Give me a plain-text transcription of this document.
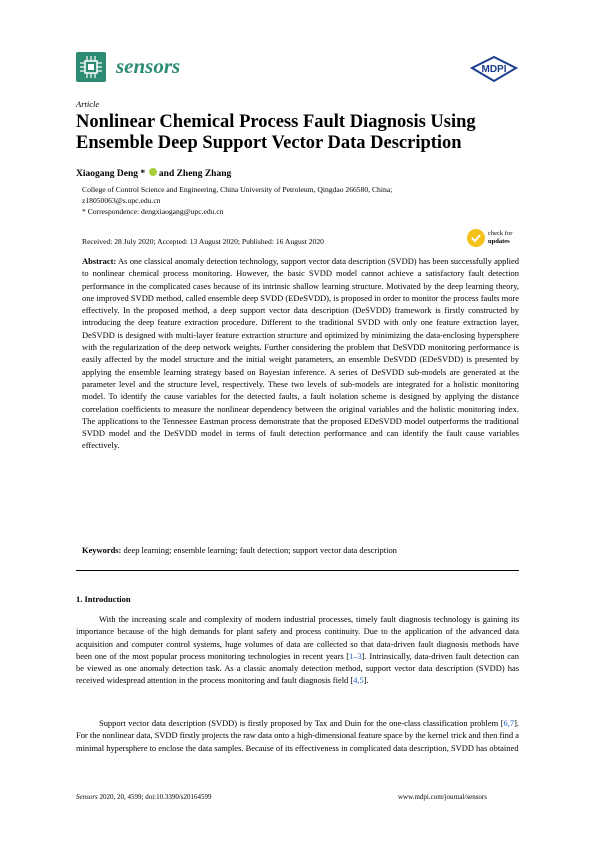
sensors	MDPI
Article
Nonlinear Chemical Process Fault Diagnosis Using Ensemble Deep Support Vector Data Description
Xiaogang Deng * and Zheng Zhang
College of Control Science and Engineering, China University of Petroleum, Qingdao 266580, China;
z18050063@s.upc.edu.cn
* Correspondence: dengxiaogang@upc.edu.cn
Received: 28 July 2020; Accepted: 13 August 2020; Published: 16 August 2020
check for
updates
Abstract: As one classical anomaly detection technology, support vector data description (SVDD) has been successfully applied to nonlinear chemical process monitoring. However, the basic SVDD model cannot achieve a satisfactory fault detection performance in the complicated cases because of its intrinsic shallow learning structure. Motivated by the deep learning theory, one improved SVDD method, called ensemble deep SVDD (EDeSVDD), is proposed in order to monitor the process faults more effectively. In the proposed method, a deep support vector data description (DeSVDD) framework is firstly constructed by introducing the deep feature extraction procedure. Different to the traditional SVDD with only one feature extraction layer, DeSVDD is designed with multi-layer feature extraction structure and optimized by minimizing the data-enclosing hypersphere with the regularization of the deep network weights. Further considering the problem that DeSVDD monitoring performance is easily affected by the model structure and the initial weight parameters, an ensemble DeSVDD (EDeSVDD) is presented by applying the ensemble learning strategy based on Bayesian inference. A series of DeSVDD sub-models are generated at the parameter level and the structure level, respectively. These two levels of sub-models are integrated for a holistic monitoring model. To identify the cause variables for the detected faults, a fault isolation scheme is designed by applying the distance correlation coefficients to measure the nonlinear dependency between the original variables and the holistic monitoring index. The applications to the Tennessee Eastman process demonstrate that the proposed EDeSVDD model outperforms the traditional SVDD model and the DeSVDD model in terms of fault detection performance and can identify the fault cause variables effectively.
Keywords: deep learning; ensemble learning; fault detection; support vector data description
1. Introduction
With the increasing scale and complexity of modern industrial processes, timely fault diagnosis technology is gaining its importance because of the high demands for plant safety and process continuity. Due to the application of the advanced data acquisition and computer control systems, huge volumes of data are collected so that data-driven fault diagnosis methods have been one of the most popular process monitoring technologies in recent years [1–3]. Intrinsically, data-driven fault detection can be viewed as one anomaly detection task. As a classic anomaly detection method, support vector data description (SVDD) has received widespread attention in the process monitoring and fault diagnosis field [4,5].
Support vector data description (SVDD) is firstly proposed by Tax and Duin for the one-class classification problem [6,7]. For the nonlinear data, SVDD firstly projects the raw data onto a high-dimensional feature space by the kernel trick and then find a minimal hypersphere to enclose the data samples. Because of its effectiveness in complicated data description, SVDD has obtained
Sensors 2020, 20, 4599; doi:10.3390/s20164599	www.mdpi.com/journal/sensors
